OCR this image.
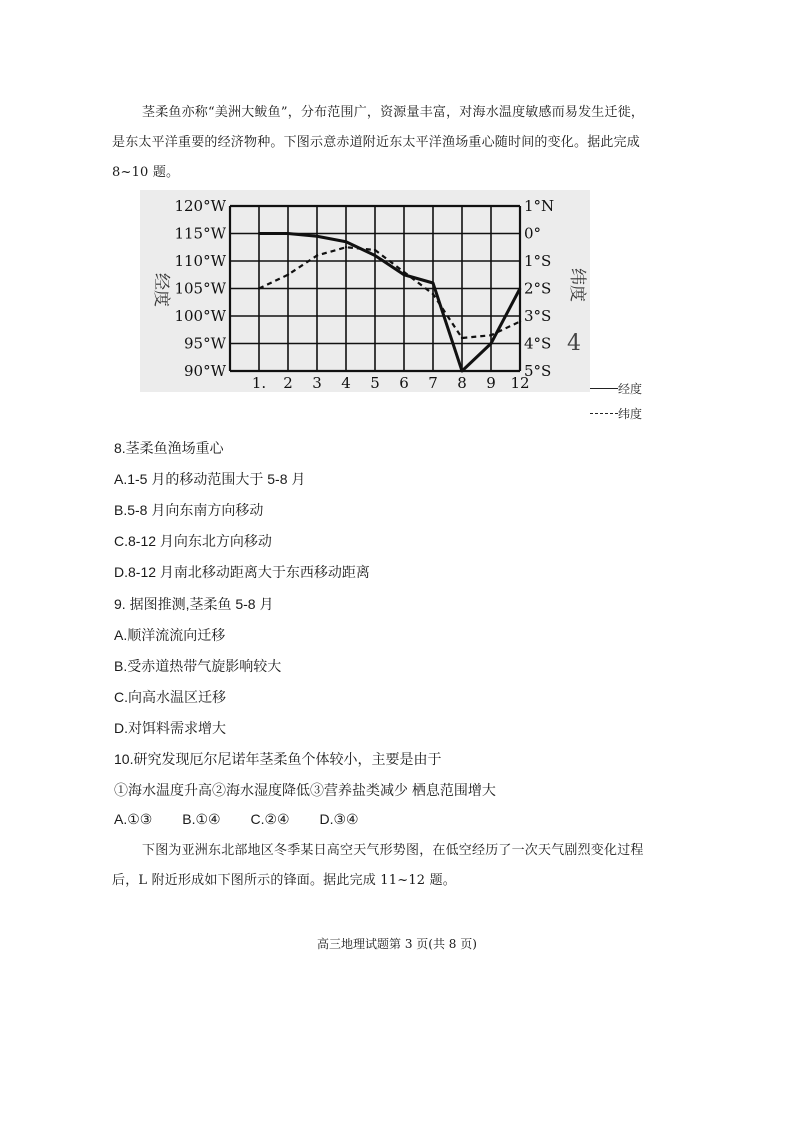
茎柔鱼亦称“美洲大鲅鱼”，分布范围广，资源量丰富，对海水温度敏感而易发生迁徙，

是东太平洋重要的经济物种。下图示意赤道附近东太平洋渔场重心随时间的变化。据此完成

8~10 题。

120°W
115°W
110°W
105°W
100°W
95°W
90°W
1°N
0°
1°S
2°S
3°S
4°S
5°S
1. 2 3 4 5 6 7 8 9 12
经度	纬度
4
经度
纬度
8.茎柔鱼渔场重心
A.1-5 月的移动范围大于 5-8 月
B.5-8 月向东南方向移动
C.8-12 月向东北方向移动
D.8-12 月南北移动距离大于东西移动距离
9. 据图推测,茎柔鱼 5-8 月
A.顺洋流流向迁移
B.受赤道热带气旋影响较大
C.向高水温区迁移
D.对饵料需求增大
10.研究发现厄尔尼诺年茎柔鱼个体较小，主要是由于
①海水温度升高②海水湿度降低③营养盐类减少 栖息范围增大
A.①③ B.①④ C.②④ D.③④

下图为亚洲东北部地区冬季某日高空天气形势图，在低空经历了一次天气剧烈变化过程

后，L 附近形成如下图所示的锋面。据此完成 11~12 题。

高三地理试题第 3 页(共 8 页)
